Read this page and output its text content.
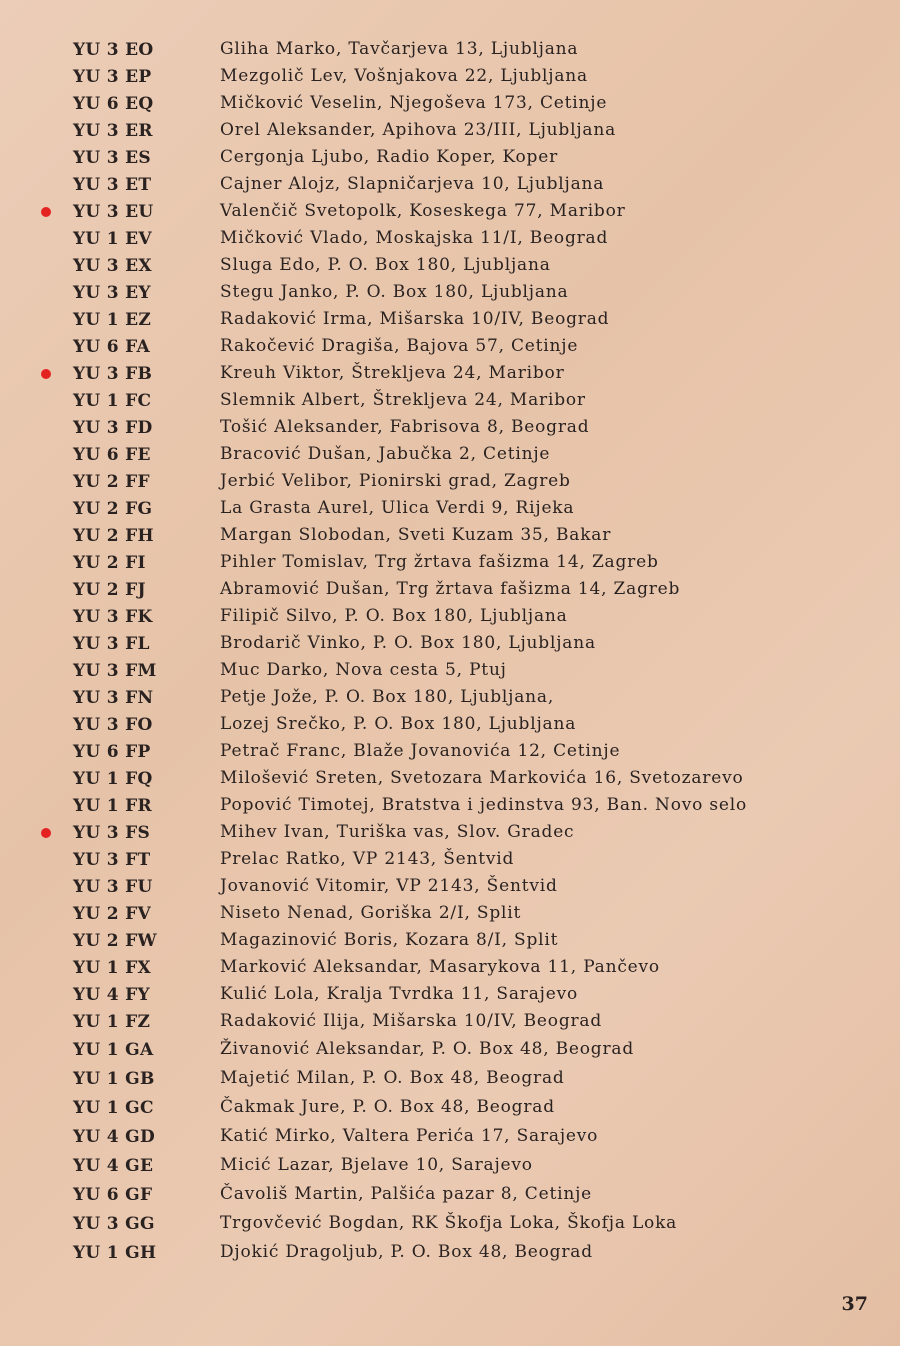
YU 3 EO	Gliha Marko, Tavčarjeva 13, Ljubljana
YU 3 EP	Mezgolič Lev, Vošnjakova 22, Ljubljana
YU 6 EQ	Mičković Veselin, Njegoševa 173, Cetinje
YU 3 ER	Orel Aleksander, Apihova 23/III, Ljubljana
YU 3 ES	Cergonja Ljubo, Radio Koper, Koper
YU 3 ET	Cajner Alojz, Slapničarjeva 10, Ljubljana
YU 3 EU	Valenčič Svetopolk, Koseskega 77, Maribor
YU 1 EV	Mičković Vlado, Moskajska 11/I, Beograd
YU 3 EX	Sluga Edo, P. O. Box 180, Ljubljana
YU 3 EY	Stegu Janko, P. O. Box 180, Ljubljana
YU 1 EZ	Radaković Irma, Mišarska 10/IV, Beograd
YU 6 FA	Rakočević Dragiša, Bajova 57, Cetinje
YU 3 FB	Kreuh Viktor, Štrekljeva 24, Maribor
YU 1 FC	Slemnik Albert, Štrekljeva 24, Maribor
YU 3 FD	Tošić Aleksander, Fabrisova 8, Beograd
YU 6 FE	Bracović Dušan, Jabučka 2, Cetinje
YU 2 FF	Jerbić Velibor, Pionirski grad, Zagreb
YU 2 FG	La Grasta Aurel, Ulica Verdi 9, Rijeka
YU 2 FH	Margan Slobodan, Sveti Kuzam 35, Bakar
YU 2 FI	Pihler Tomislav, Trg žrtava fašizma 14, Zagreb
YU 2 FJ	Abramović Dušan, Trg žrtava fašizma 14, Zagreb
YU 3 FK	Filipič Silvo, P. O. Box 180, Ljubljana
YU 3 FL	Brodarič Vinko, P. O. Box 180, Ljubljana
YU 3 FM	Muc Darko, Nova cesta 5, Ptuj
YU 3 FN	Petje Jože, P. O. Box 180, Ljubljana,
YU 3 FO	Lozej Srečko, P. O. Box 180, Ljubljana
YU 6 FP	Petrač Franc, Blaže Jovanovića 12, Cetinje
YU 1 FQ	Milošević Sreten, Svetozara Markovića 16, Svetozarevo
YU 1 FR	Popović Timotej, Bratstva i jedinstva 93, Ban. Novo selo
YU 3 FS	Mihev Ivan, Turiška vas, Slov. Gradec
YU 3 FT	Prelac Ratko, VP 2143, Šentvid
YU 3 FU	Jovanović Vitomir, VP 2143, Šentvid
YU 2 FV	Niseto Nenad, Goriška 2/I, Split
YU 2 FW	Magazinović Boris, Kozara 8/I, Split
YU 1 FX	Marković Aleksandar, Masarykova 11, Pančevo
YU 4 FY	Kulić Lola, Kralja Tvrdka 11, Sarajevo
YU 1 FZ	Radaković Ilija, Mišarska 10/IV, Beograd
YU 1 GA	Živanović Aleksandar, P. O. Box 48, Beograd
YU 1 GB	Majetić Milan, P. O. Box 48, Beograd
YU 1 GC	Čakmak Jure, P. O. Box 48, Beograd
YU 4 GD	Katić Mirko, Valtera Perića 17, Sarajevo
YU 4 GE	Micić Lazar, Bjelave 10, Sarajevo
YU 6 GF	Čavoliš Martin, Palšića pazar 8, Cetinje
YU 3 GG	Trgovčević Bogdan, RK Škofja Loka, Škofja Loka
YU 1 GH	Djokić Dragoljub, P. O. Box 48, Beograd
37
